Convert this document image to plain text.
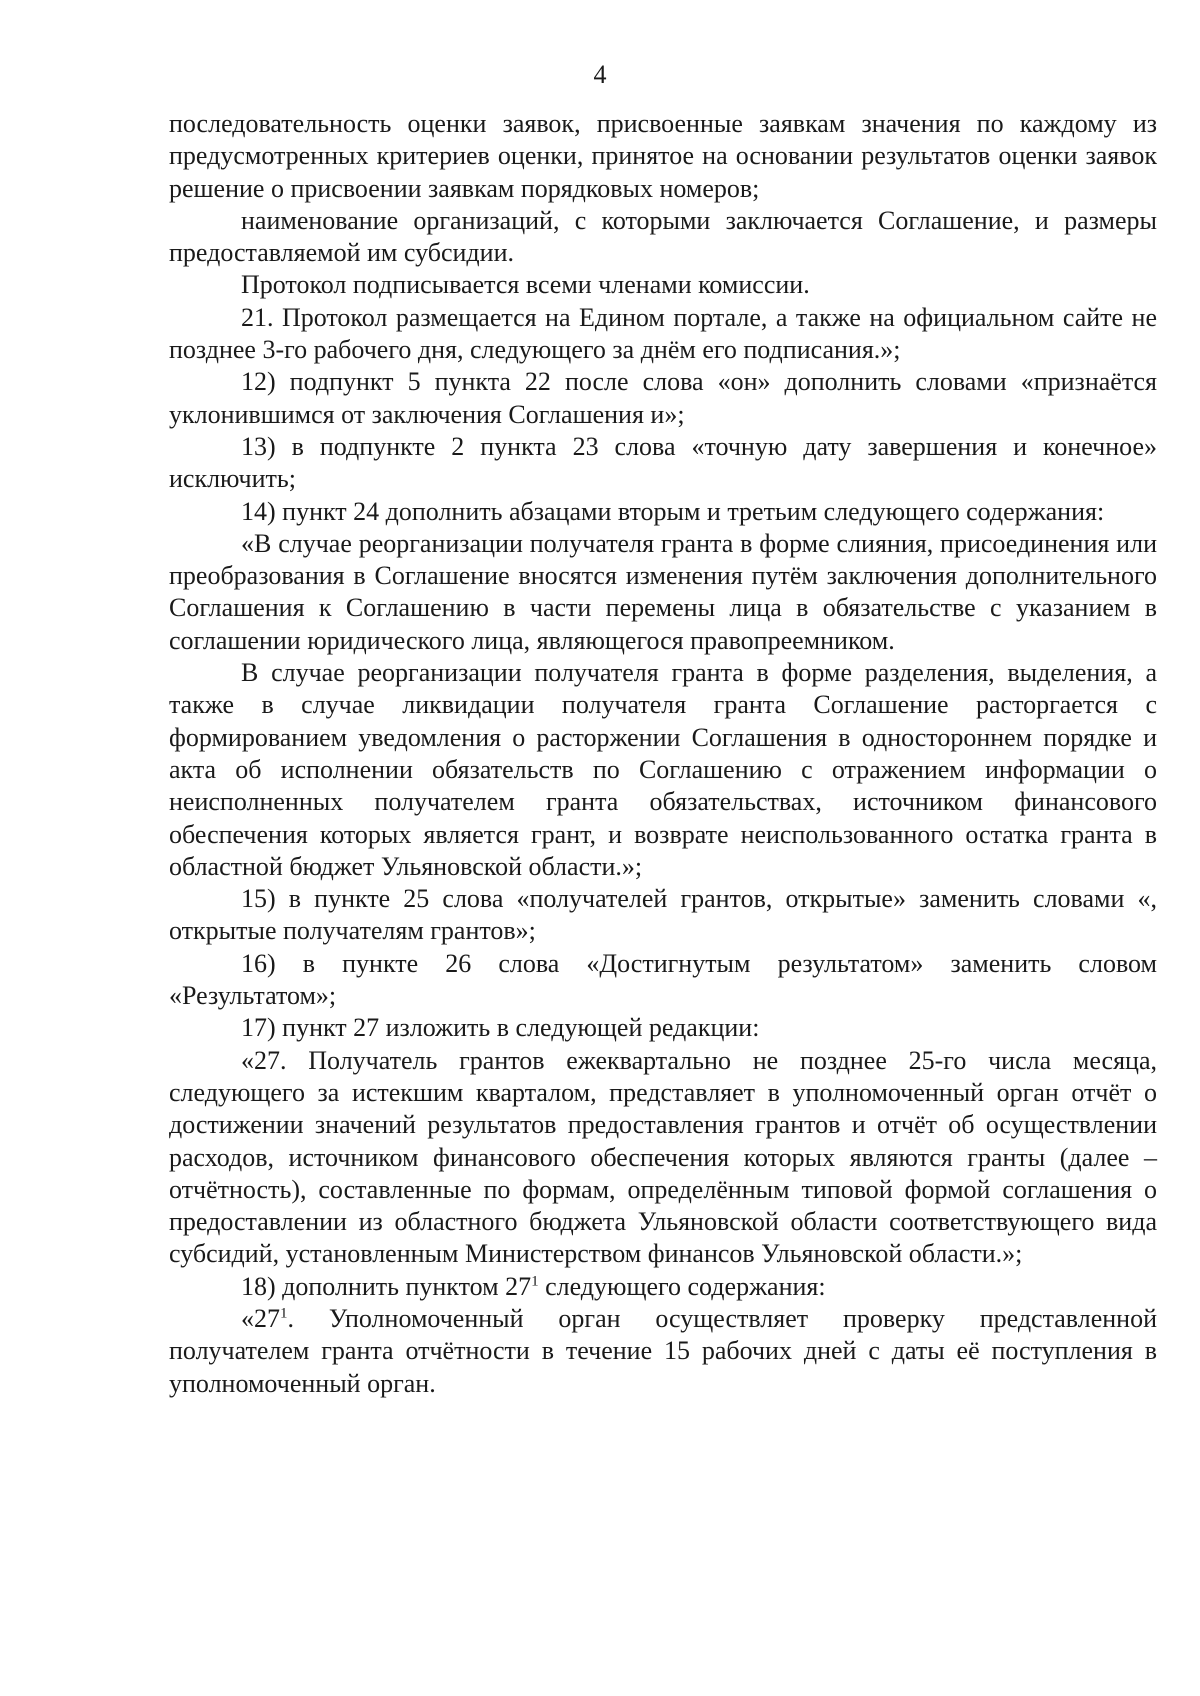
4

последовательность оценки заявок, присвоенные заявкам значения по каждому из предусмотренных критериев оценки, принятое на основании результатов оценки заявок решение о присвоении заявкам порядковых номеров;

наименование организаций, с которыми заключается Соглашение, и размеры предоставляемой им субсидии.

Протокол подписывается всеми членами комиссии.

21. Протокол размещается на Едином портале, а также на официальном сайте не позднее 3-го рабочего дня, следующего за днём его подписания.»;

12) подпункт 5 пункта 22 после слова «он» дополнить словами «признаётся уклонившимся от заключения Соглашения и»;

13) в подпункте 2 пункта 23 слова «точную дату завершения и конечное» исключить;

14) пункт 24 дополнить абзацами вторым и третьим следующего содержания:

«В случае реорганизации получателя гранта в форме слияния, присоединения или преобразования в Соглашение вносятся изменения путём заключения дополнительного Соглашения к Соглашению в части перемены лица в обязательстве с указанием в соглашении юридического лица, являющегося правопреемником.

В случае реорганизации получателя гранта в форме разделения, выделения, а также в случае ликвидации получателя гранта Соглашение расторгается с формированием уведомления о расторжении Соглашения в одностороннем порядке и акта об исполнении обязательств по Соглашению с отражением информации о неисполненных получателем гранта обязательствах, источником финансового обеспечения которых является грант, и возврате неиспользованного остатка гранта в областной бюджет Ульяновской области.»;

15) в пункте 25 слова «получателей грантов, открытые» заменить словами «, открытые получателям грантов»;

16) в пункте 26 слова «Достигнутым результатом» заменить словом «Результатом»;

17) пункт 27 изложить в следующей редакции:

«27. Получатель грантов ежеквартально не позднее 25-го числа месяца, следующего за истекшим кварталом, представляет в уполномоченный орган отчёт о достижении значений результатов предоставления грантов и отчёт об осуществлении расходов, источником финансового обеспечения которых являются гранты (далее – отчётность), составленные по формам, определённым типовой формой соглашения о предоставлении из областного бюджета Ульяновской области соответствующего вида субсидий, установленным Министерством финансов Ульяновской области.»;

18) дополнить пунктом $27^1$ следующего содержания:

«$27^1$. Уполномоченный орган осуществляет проверку представленной получателем гранта отчётности в течение 15 рабочих дней с даты её поступления в уполномоченный орган.
